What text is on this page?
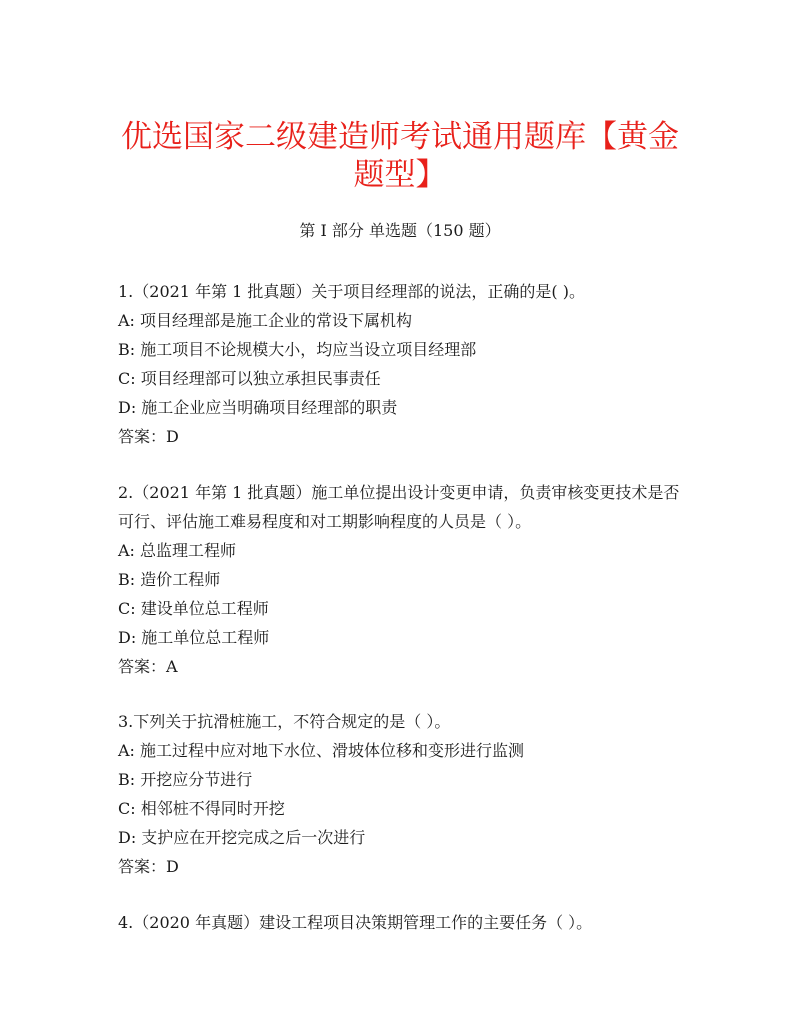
优选国家二级建造师考试通用题库【黄金题型】
第 I 部分 单选题（150 题）

1.（2021 年第 1 批真题）关于项目经理部的说法，正确的是( )。

A: 项目经理部是施工企业的常设下属机构

B: 施工项目不论规模大小，均应当设立项目经理部

C: 项目经理部可以独立承担民事责任

D: 施工企业应当明确项目经理部的职责

答案：D

2.（2021 年第 1 批真题）施工单位提出设计变更申请，负责审核变更技术是否可行、评估施工难易程度和对工期影响程度的人员是（ ）。

A: 总监理工程师

B: 造价工程师

C: 建设单位总工程师

D: 施工单位总工程师

答案：A

3.下列关于抗滑桩施工，不符合规定的是（ ）。

A: 施工过程中应对地下水位、滑坡体位移和变形进行监测

B: 开挖应分节进行

C: 相邻桩不得同时开挖

D: 支护应在开挖完成之后一次进行

答案：D

4.（2020 年真题）建设工程项目决策期管理工作的主要任务（ ）。
